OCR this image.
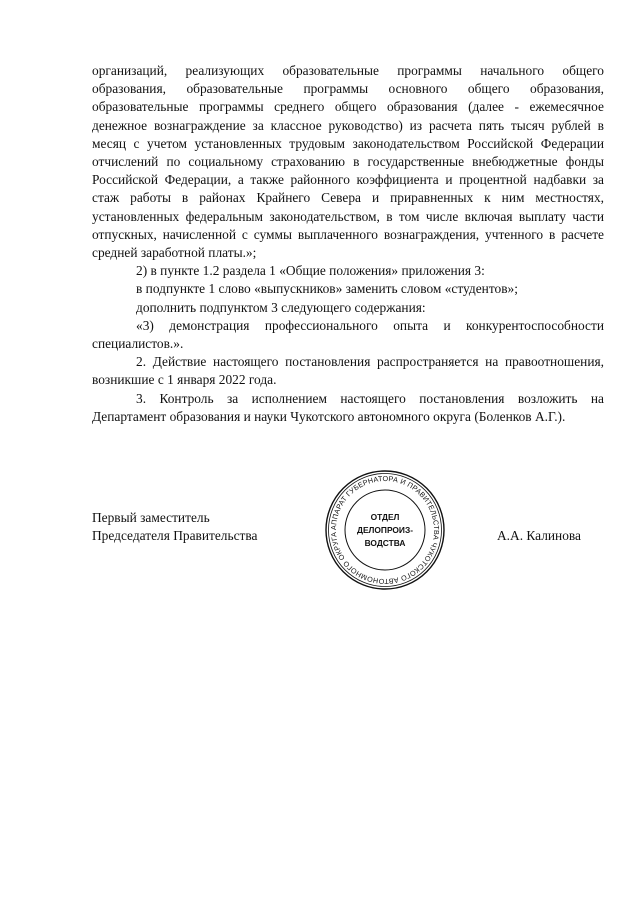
организаций, реализующих образовательные программы начального общего образования, образовательные программы основного общего образования, образовательные программы среднего общего образования (далее - ежемесячное денежное вознаграждение за классное руководство) из расчета пять тысяч рублей в месяц с учетом установленных трудовым законодательством Российской Федерации отчислений по социальному страхованию в государственные внебюджетные фонды Российской Федерации, а также районного коэффициента и процентной надбавки за стаж работы в районах Крайнего Севера и приравненных к ним местностях, установленных федеральным законодательством, в том числе включая выплату части отпускных, начисленной с суммы выплаченного вознаграждения, учтенного в расчете средней заработной платы.»;

2) в пункте 1.2 раздела 1 «Общие положения» приложения 3:

в подпункте 1 слово «выпускников» заменить словом «студентов»;

дополнить подпунктом 3 следующего содержания:

«3) демонстрация профессионального опыта и конкурентоспособности специалистов.».

2. Действие настоящего постановления распространяется на правоотношения, возникшие с 1 января 2022 года.

3. Контроль за исполнением настоящего постановления возложить на Департамент образования и науки Чукотского автономного округа (Боленков А.Г.).

Первый заместитель
Председателя Правительства
АППАРАТ ГУБЕРНАТОРА И ПРАВИТЕЛЬСТВА ЧУКОТСКОГО АВТОНОМНОГО ОКРУГА
ОТДЕЛ
ДЕЛОПРОИЗ-
ВОДСТВА	А.А. Калинова
